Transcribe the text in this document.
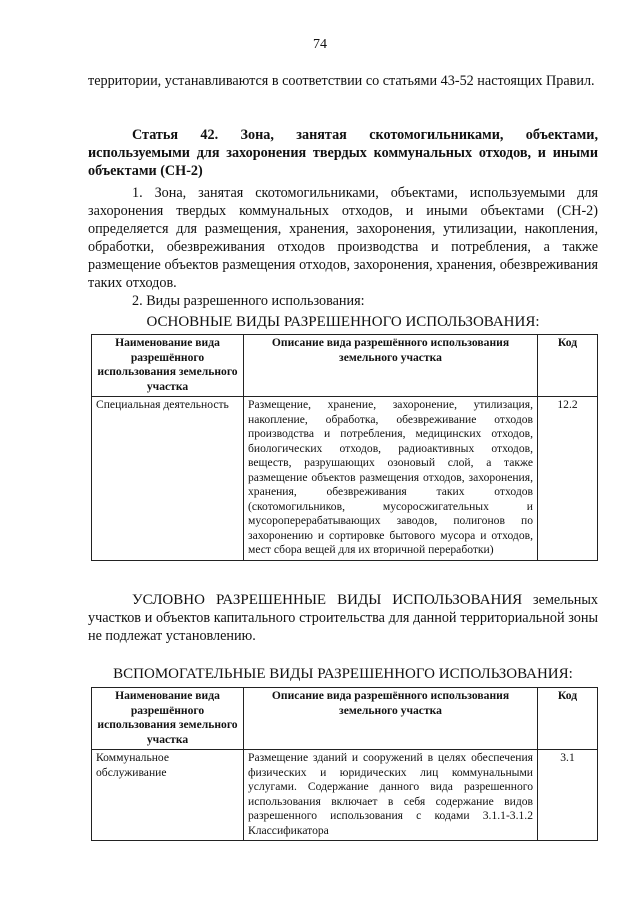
74
территории, устанавливаются в соответствии со статьями 43-52 настоящих Правил.
Статья 42. Зона, занятая скотомогильниками, объектами, используемыми для захоронения твердых коммунальных отходов, и иными объектами (СН-2)
1. Зона, занятая скотомогильниками, объектами, используемыми для захоронения твердых коммунальных отходов, и иными объектами (СН-2) определяется для размещения, хранения, захоронения, утилизации, накопления, обработки, обезвреживания отходов производства и потребления, а также размещение объектов размещения отходов, захоронения, хранения, обезвреживания таких отходов.
2. Виды разрешенного использования:
ОСНОВНЫЕ ВИДЫ РАЗРЕШЕННОГО ИСПОЛЬЗОВАНИЯ:
Наименование вида разрешённого использования земельного участка	Описание вида разрешённого использования земельного участка	Код
Специальная деятельность	Размещение, хранение, захоронение, утилизация, накопление, обработка, обезвреживание отходов производства и потребления, медицинских отходов, биологических отходов, радиоактивных отходов, веществ, разрушающих озоновый слой, а также размещение объектов размещения отходов, захоронения, хранения, обезвреживания таких отходов (скотомогильников, мусоросжигательных и мусороперерабатывающих заводов, полигонов по захоронению и сортировке бытового мусора и отходов, мест сбора вещей для их вторичной переработки)	12.2
УСЛОВНО РАЗРЕШЕННЫЕ ВИДЫ ИСПОЛЬЗОВАНИЯ земельных участков и объектов капитального строительства для данной территориальной зоны не подлежат установлению.
ВСПОМОГАТЕЛЬНЫЕ ВИДЫ РАЗРЕШЕННОГО ИСПОЛЬЗОВАНИЯ:
Наименование вида разрешённого использования земельного участка	Описание вида разрешённого использования земельного участка	Код
Коммунальное обслуживание	Размещение зданий и сооружений в целях обеспечения физических и юридических лиц коммунальными услугами. Содержание данного вида разрешенного использования включает в себя содержание видов разрешенного использования с кодами 3.1.1-3.1.2 Классификатора	3.1
